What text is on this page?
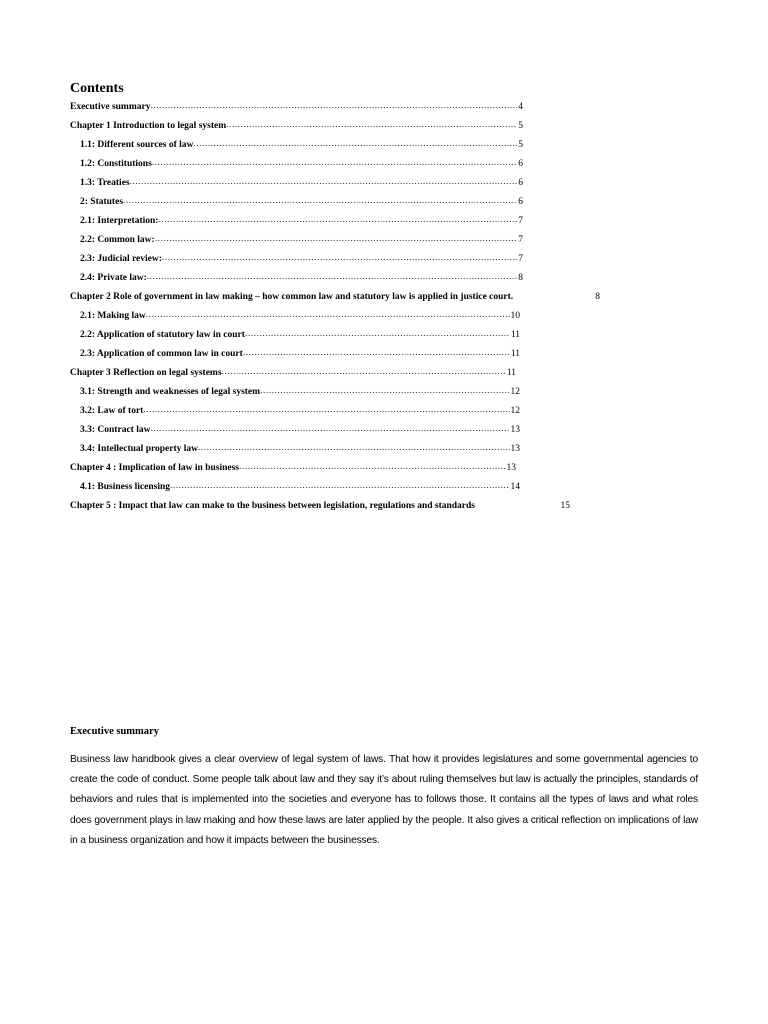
Contents
Executive summary .....	4
Chapter 1 Introduction to legal system .....	5
1.1: Different sources of law .....	5
1.2: Constitutions .....	6
1.3: Treaties .....	6
2: Statutes .....	6
2.1: Interpretation: .....	7
2.2: Common law: .....	7
2.3: Judicial review: .....	7
2.4: Private law: .....	8
Chapter 2 Role of government in law making – how common law and statutory law is applied in justice court.	8
2.1: Making law .....	10
2.2: Application of statutory law in court .....	11
2.3: Application of common law in court .....	11
Chapter 3 Reflection on legal systems .....	11
3.1: Strength and weaknesses of legal system .....	12
3.2: Law of tort .....	12
3.3: Contract law .....	13
3.4: Intellectual property law .....	13
Chapter 4 : Implication of law in business .....	13
4.1: Business licensing .....	14
Chapter 5 : Impact that law can make to the business between legislation, regulations and standards	15
Executive summary
Business law handbook gives a clear overview of legal system of laws. That how it provides legislatures and some governmental agencies to create the code of conduct. Some people talk about law and they say it’s about ruling themselves but law is actually the principles, standards of behaviors and rules that is implemented into the societies and everyone has to follows those. It contains all the types of laws and what roles does government plays in law making and how these laws are later applied by the people. It also gives a critical reflection on implications of law in a business organization and how it impacts between the businesses.
